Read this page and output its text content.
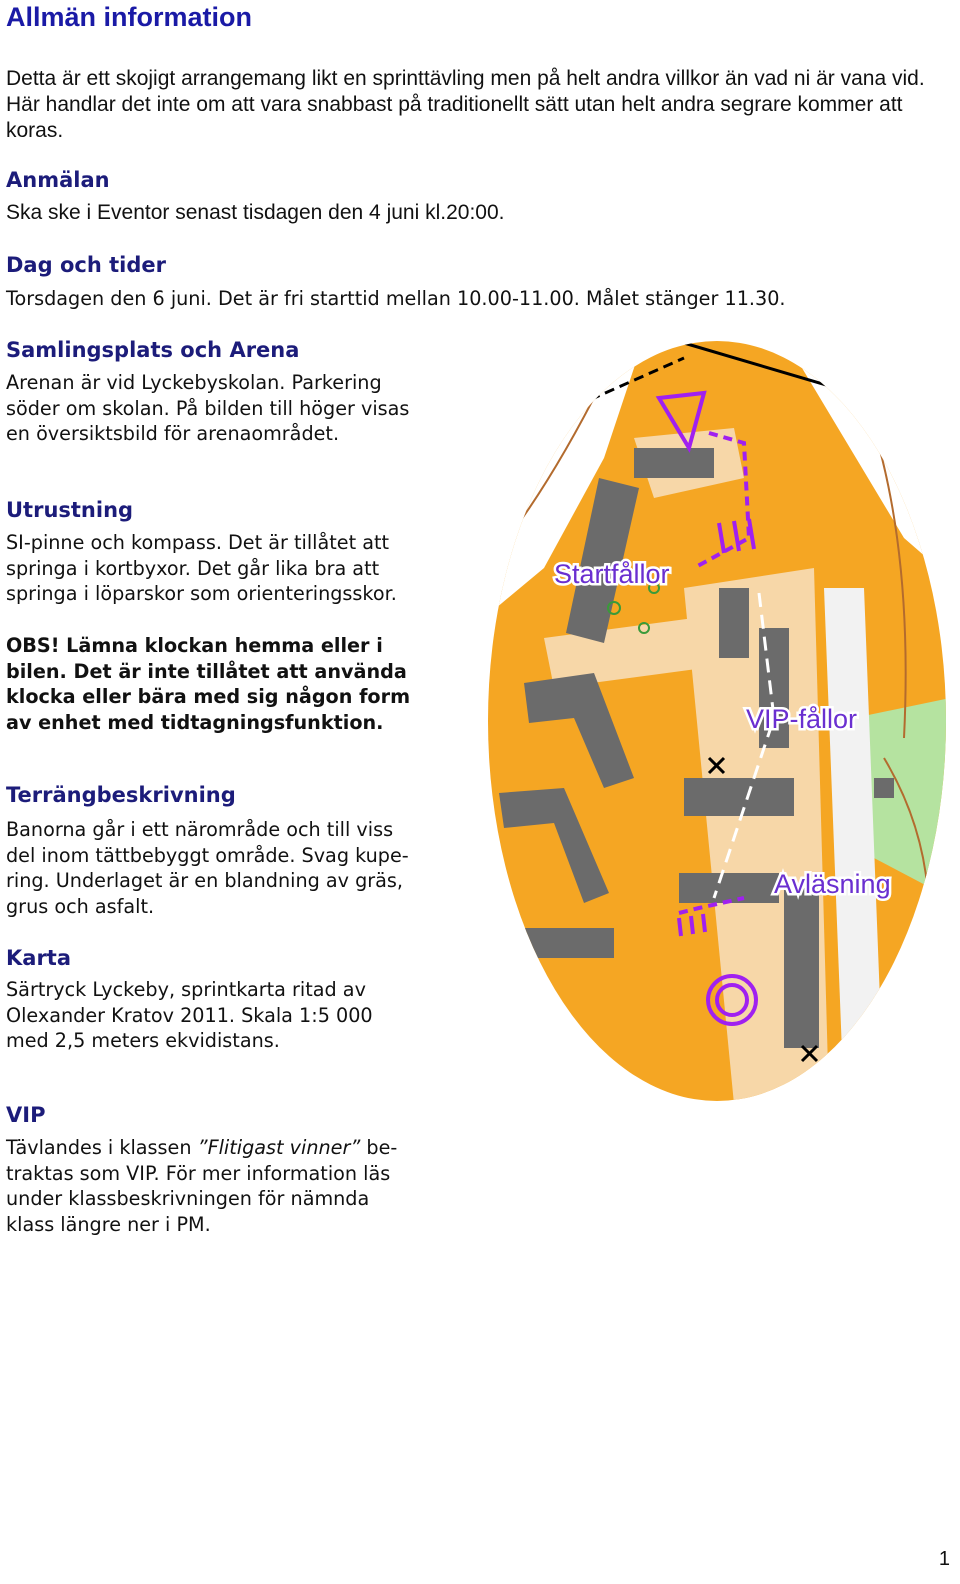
Allmän information

Detta är ett skojigt arrangemang likt en sprinttävling men på helt andra villkor än vad ni är vana vid. Här handlar det inte om att vara snabbast på traditionellt sätt utan helt andra segrare kommer att koras.

Anmälan

Ska ske i Eventor senast tisdagen den 4 juni kl.20:00.

Dag och tider

Torsdagen den 6 juni. Det är fri starttid mellan 10.00-11.00. Målet stänger 11.30.

Samlingsplats och Arena

Arenan är vid Lyckebyskolan. Parkering
söder om skolan. På bilden till höger visas
en översiktsbild för arenaområdet.

Utrustning

SI-pinne och kompass. Det är tillåtet att
springa i kortbyxor. Det går lika bra att
springa i löparskor som orienteringsskor.

OBS! Lämna klockan hemma eller i
bilen. Det är inte tillåtet att använda
klocka eller bära med sig någon form
av enhet med tidtagningsfunktion.

Terrängbeskrivning

Banorna går i ett närområde och till viss
del inom tättbebyggt område. Svag kupe-
ring. Underlaget är en blandning av gräs,
grus och asfalt.

Karta

Särtryck Lyckeby, sprintkarta ritad av
Olexander Kratov 2011. Skala 1:5 000
med 2,5 meters ekvidistans.

VIP

Tävlandes i klassen ”Flitigast vinner” be-
traktas som VIP. För mer information läs
under klassbeskrivningen för nämnda
klass längre ner i PM.

Startfållor
VIP-fållor
Avläsning
1
